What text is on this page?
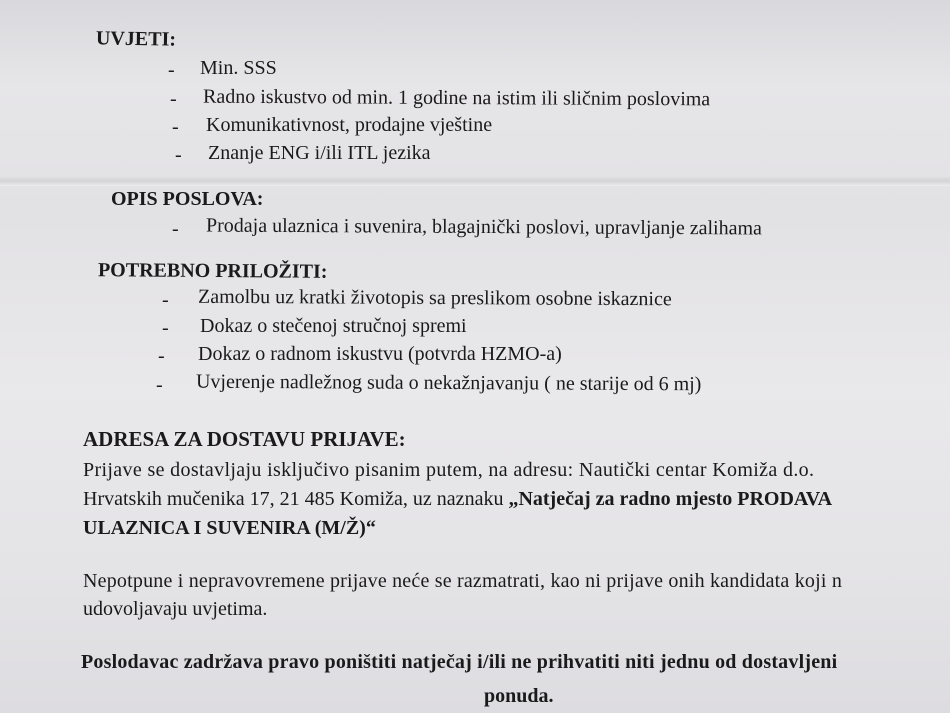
UVJETI:
- Min. SSS
- Radno iskustvo od min. 1 godine na istim ili sličnim poslovima
- Komunikativnost, prodajne vještine
- Znanje ENG i/ili ITL jezika
OPIS POSLOVA:
- Prodaja ulaznica i suvenira, blagajnički poslovi, upravljanje zalihama
POTREBNO PRILOŽITI:
- Zamolbu uz kratki životopis sa preslikom osobne iskaznice
- Dokaz o stečenoj stručnoj spremi
- Dokaz o radnom iskustvu (potvrda HZMO-a)
- Uvjerenje nadležnog suda o nekažnjavanju ( ne starije od 6 mj)
ADRESA ZA DOSTAVU PRIJAVE:
Prijave se dostavljaju isključivo pisanim putem, na adresu: Nautički centar Komiža d.o.
Hrvatskih mučenika 17, 21 485 Komiža, uz naznaku „Natječaj za radno mjesto PRODAVA
ULAZNICA I SUVENIRA (M/Ž)“
Nepotpune i nepravovremene prijave neće se razmatrati, kao ni prijave onih kandidata koji n
udovoljavaju uvjetima.
Poslodavac zadržava pravo poništiti natječaj i/ili ne prihvatiti niti jednu od dostavljeni
ponuda.
